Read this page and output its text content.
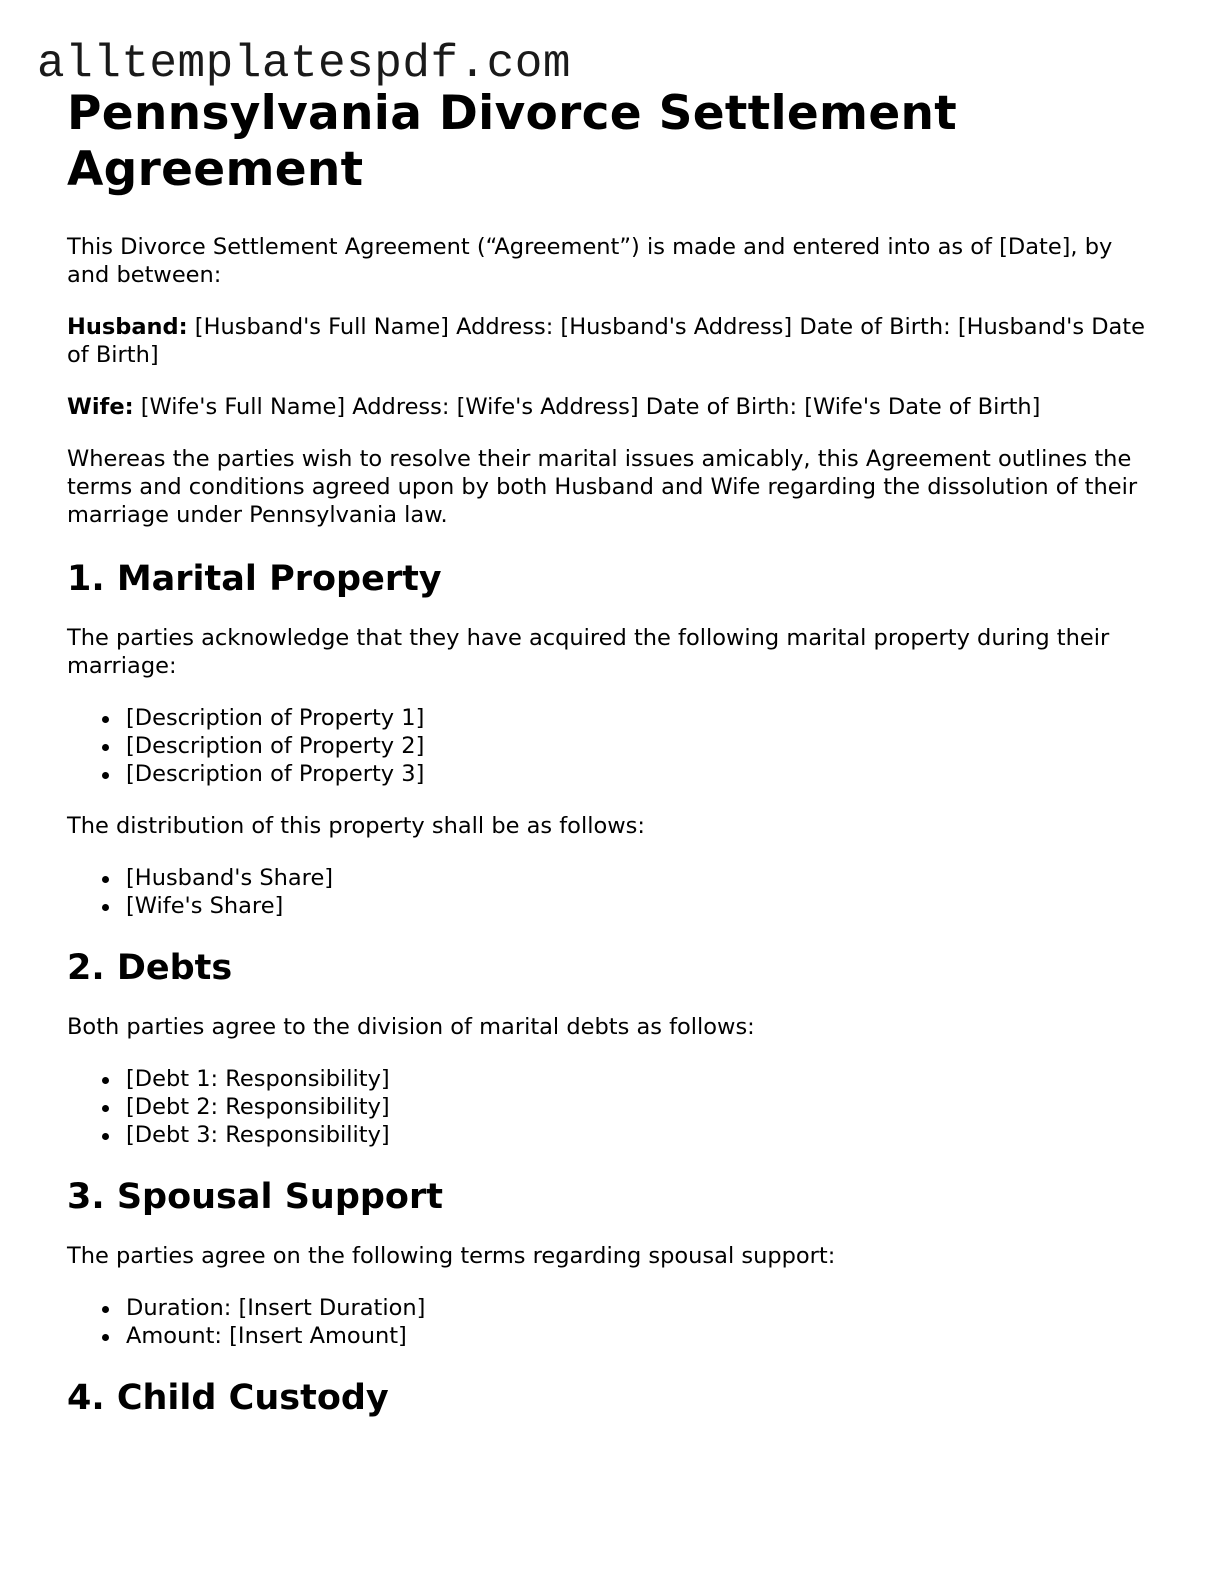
alltemplatespdf.com
Pennsylvania Divorce Settlement Agreement

This Divorce Settlement Agreement (“Agreement”) is made and entered into as of [Date], by and between:

Husband: [Husband's Full Name] Address: [Husband's Address] Date of Birth: [Husband's Date of Birth]

Wife: [Wife's Full Name] Address: [Wife's Address] Date of Birth: [Wife's Date of Birth]

Whereas the parties wish to resolve their marital issues amicably, this Agreement outlines the terms and conditions agreed upon by both Husband and Wife regarding the dissolution of their marriage under Pennsylvania law.

1. Marital Property

The parties acknowledge that they have acquired the following marital property during their marriage:

[Description of Property 1]
[Description of Property 2]
[Description of Property 3]

The distribution of this property shall be as follows:

[Husband's Share]
[Wife's Share]
2. Debts

Both parties agree to the division of marital debts as follows:

[Debt 1: Responsibility]
[Debt 2: Responsibility]
[Debt 3: Responsibility]
3. Spousal Support

The parties agree on the following terms regarding spousal support:

Duration: [Insert Duration]
Amount: [Insert Amount]
4. Child Custody
